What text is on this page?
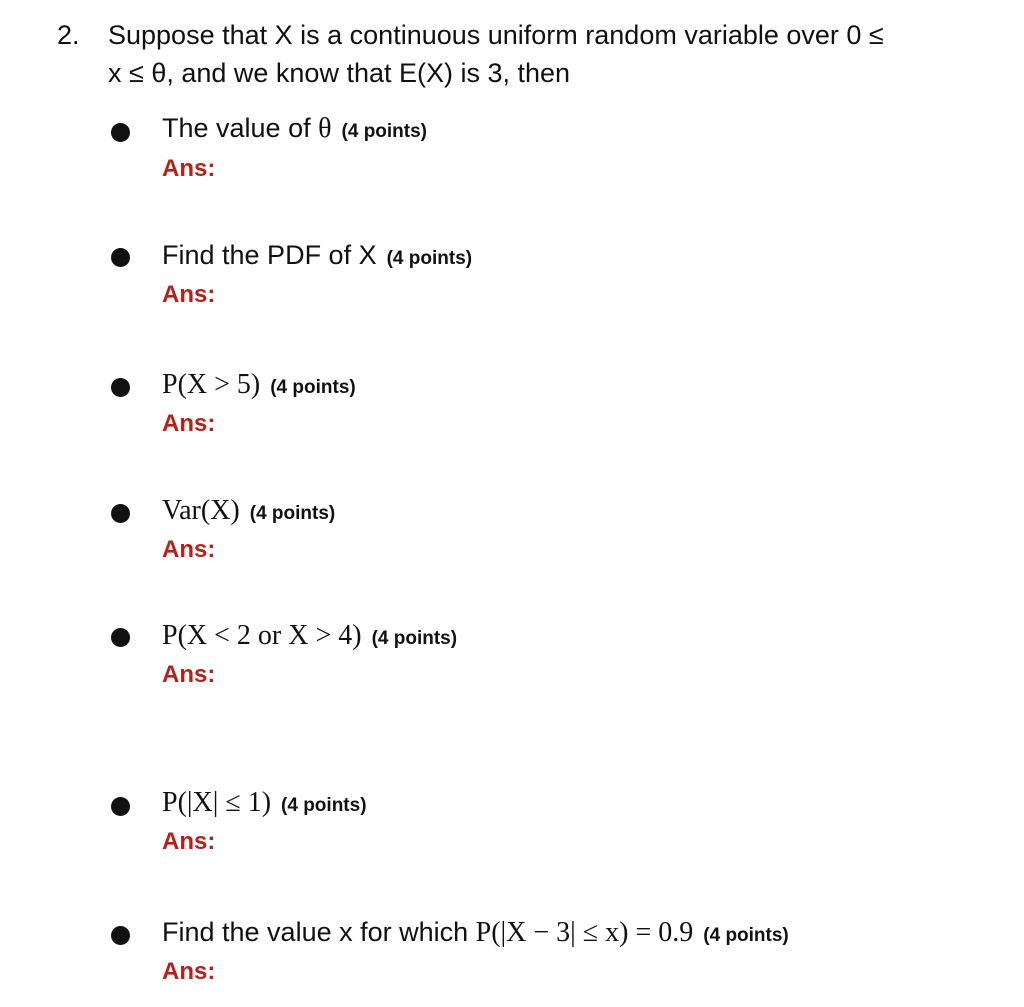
2. Suppose that X is a continuous uniform random variable over 0 ≤
x ≤ θ, and we know that E(X) is 3, then
The value of θ (4 points)
Ans:
Find the PDF of X (4 points)
Ans:
P(X > 5) (4 points)
Ans:
Var(X) (4 points)
Ans:
P(X < 2 or X > 4) (4 points)
Ans:
P(|X| ≤ 1) (4 points)
Ans:
Find the value x for which P(|X − 3| ≤ x) = 0.9 (4 points)
Ans:
